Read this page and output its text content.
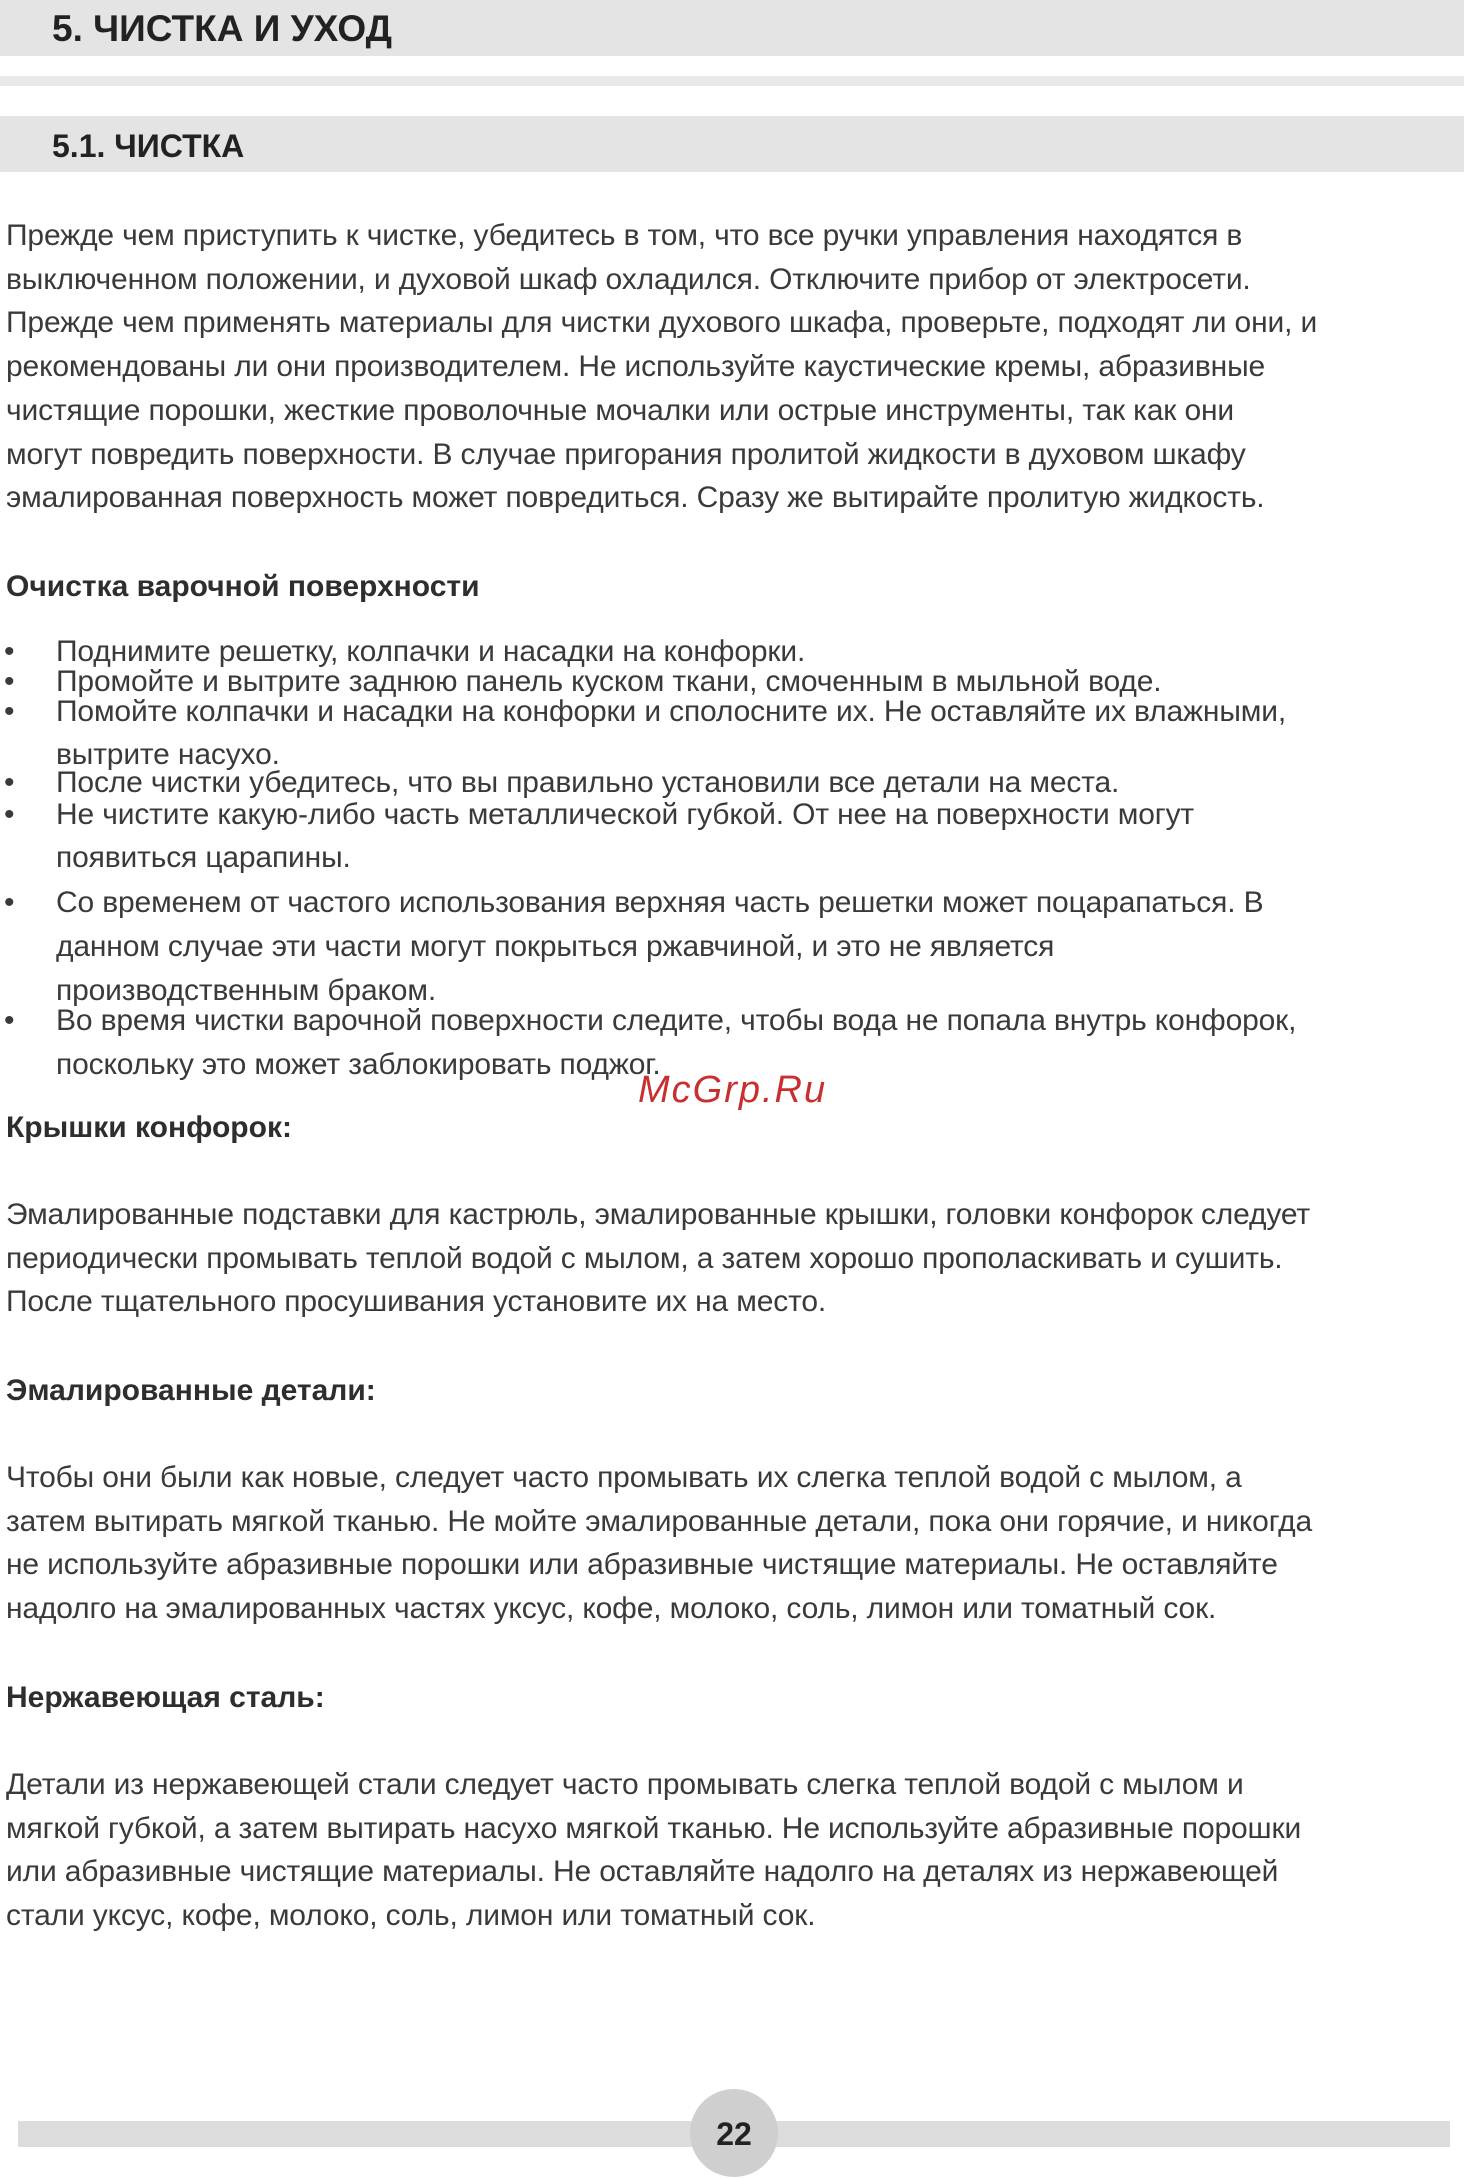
5. ЧИСТКА И УХОД
5.1. ЧИСТКА

Прежде чем приступить к чистке, убедитесь в том, что все ручки управления находятся в
выключенном положении, и духовой шкаф охладился. Отключите прибор от электросети.
Прежде чем применять материалы для чистки духового шкафа, проверьте, подходят ли они, и
рекомендованы ли они производителем. Не используйте каустические кремы, абразивные
чистящие порошки, жесткие проволочные мочалки или острые инструменты, так как они
могут повредить поверхности. В случае пригорания пролитой жидкости в духовом шкафу
эмалированная поверхность может повредиться. Сразу же вытирайте пролитую жидкость.

Очистка варочной поверхности

•	Поднимите решетку, колпачки и насадки на конфорки.
•	Промойте и вытрите заднюю панель куском ткани, смоченным в мыльной воде.
•	Помойте колпачки и насадки на конфорки и сполосните их. Не оставляйте их влажными,
вытрите насухо.
•	После чистки убедитесь, что вы правильно установили все детали на места.
•	Не чистите какую-либо часть металлической губкой. От нее на поверхности могут
появиться царапины.
•	Со временем от частого использования верхняя часть решетки может поцарапаться. В
данном случае эти части могут покрыться ржавчиной, и это не является
производственным браком.
•	Во время чистки варочной поверхности следите, чтобы вода не попала внутрь конфорок,
поскольку это может заблокировать поджог.
McGrp.Ru

Крышки конфорок:

Эмалированные подставки для кастрюль, эмалированные крышки, головки конфорок следует
периодически промывать теплой водой с мылом, а затем хорошо прополаскивать и сушить.
После тщательного просушивания установите их на место.

Эмалированные детали:

Чтобы они были как новые, следует часто промывать их слегка теплой водой с мылом, а
затем вытирать мягкой тканью. Не мойте эмалированные детали, пока они горячие, и никогда
не используйте абразивные порошки или абразивные чистящие материалы. Не оставляйте
надолго на эмалированных частях уксус, кофе, молоко, соль, лимон или томатный сок.

Нержавеющая сталь:

Детали из нержавеющей стали следует часто промывать слегка теплой водой с мылом и
мягкой губкой, а затем вытирать насухо мягкой тканью. Не используйте абразивные порошки
или абразивные чистящие материалы. Не оставляйте надолго на деталях из нержавеющей
стали уксус, кофе, молоко, соль, лимон или томатный сок.

22
